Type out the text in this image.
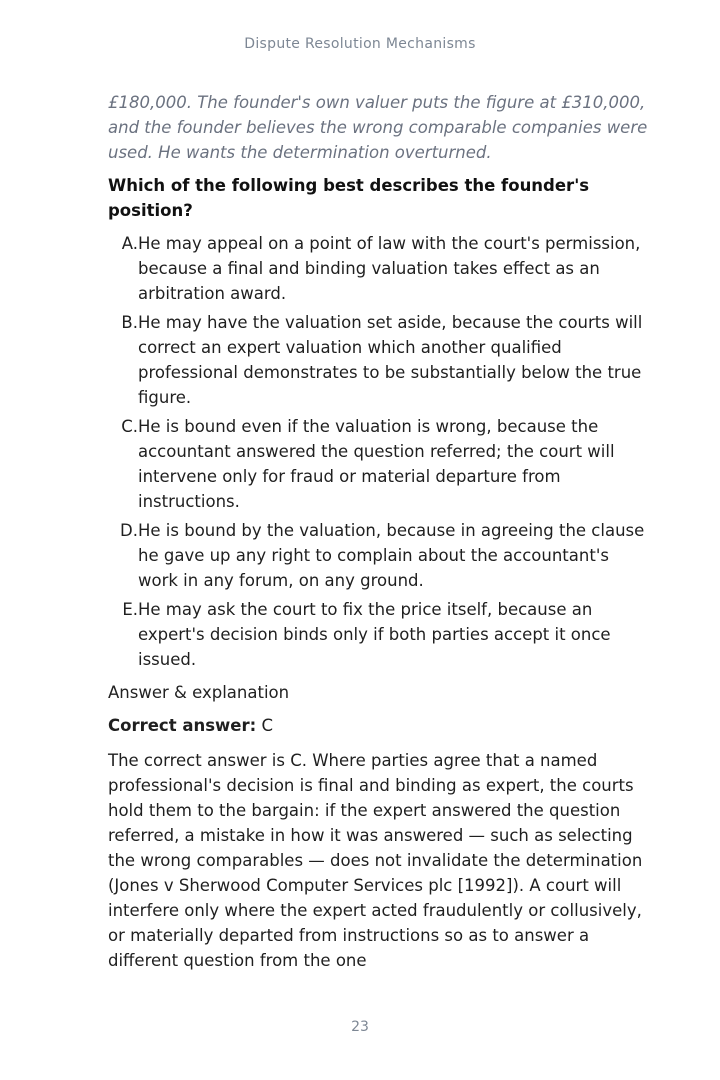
Dispute Resolution Mechanisms

£180,000. The founder's own valuer puts the figure at £310,000, and the founder believes the wrong comparable companies were used. He wants the determination overturned.

Which of the following best describes the founder's position?

A. He may appeal on a point of law with the court's permission, because a final and binding valuation takes effect as an arbitration award.
B. He may have the valuation set aside, because the courts will correct an expert valuation which another qualified professional demonstrates to be substantially below the true figure.
C. He is bound even if the valuation is wrong, because the accountant answered the question referred; the court will intervene only for fraud or material departure from instructions.
D. He is bound by the valuation, because in agreeing the clause he gave up any right to complain about the accountant's work in any forum, on any ground.
E. He may ask the court to fix the price itself, because an expert's decision binds only if both parties accept it once issued.

Answer & explanation

Correct answer: C

The correct answer is C. Where parties agree that a named professional's decision is final and binding as expert, the courts hold them to the bargain: if the expert answered the question referred, a mistake in how it was answered — such as selecting the wrong comparables — does not invalidate the determination (Jones v Sherwood Computer Services plc [1992]). A court will interfere only where the expert acted fraudulently or collusively, or materially departed from instructions so as to answer a different question from the one

23
